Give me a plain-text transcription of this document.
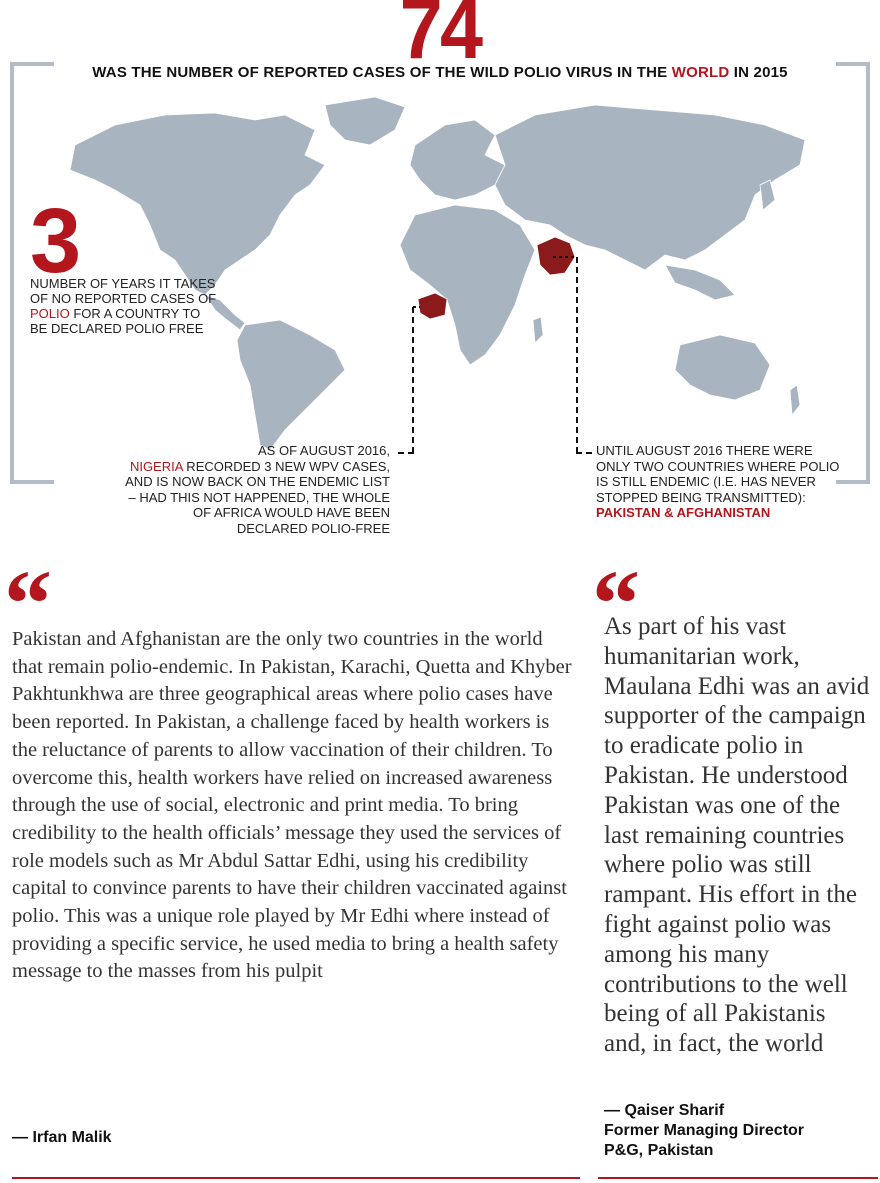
74
WAS THE NUMBER OF REPORTED CASES OF THE WILD POLIO VIRUS IN THE WORLD IN 2015
3
NUMBER OF YEARS IT TAKES OF NO REPORTED CASES OF POLIO FOR A COUNTRY TO BE DECLARED POLIO FREE
AS OF AUGUST 2016,
NIGERIA RECORDED 3 NEW WPV CASES, AND IS NOW BACK ON THE ENDEMIC LIST – HAD THIS NOT HAPPENED, THE WHOLE OF AFRICA WOULD HAVE BEEN DECLARED POLIO-FREE
UNTIL AUGUST 2016 THERE WERE ONLY TWO COUNTRIES WHERE POLIO IS STILL ENDEMIC (I.E. HAS NEVER STOPPED BEING TRANSMITTED):
PAKISTAN & AFGHANISTAN
“	“
Pakistan and Afghanistan are the only two countries in the world that remain polio-endemic. In Pakistan, Karachi, Quetta and Khyber Pakhtunkhwa are three geographical areas where polio cases have been reported. In Pakistan, a challenge faced by health workers is the reluctance of parents to allow vaccination of their children. To overcome this, health workers have relied on increased awareness through the use of social, electronic and print media. To bring credibility to the health officials’ message they used the services of role models such as Mr Abdul Sattar Edhi, using his credibility capital to convince parents to have their children vaccinated against polio. This was a unique role played by Mr Edhi where instead of providing a specific service, he used media to bring a health safety message to the masses from his pulpit
— Irfan Malik
As part of his vast humanitarian work, Maulana Edhi was an avid supporter of the campaign to eradicate polio in Pakistan. He understood Pakistan was one of the last remaining countries where polio was still rampant. His effort in the fight against polio was among his many contributions to the well being of all Pakistanis and, in fact, the world
— Qaiser Sharif
Former Managing Director
P&G, Pakistan
